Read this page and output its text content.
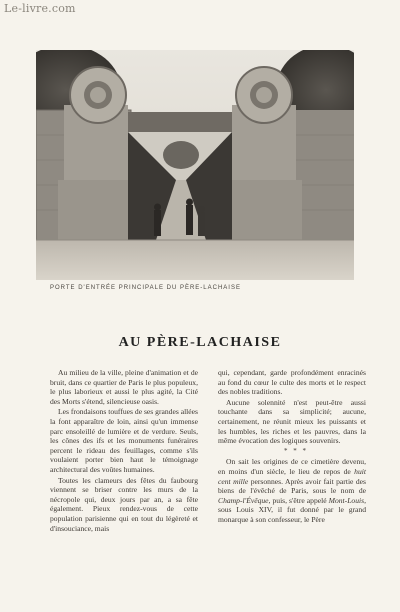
Le-livre.com
PORTE D'ENTRÉE PRINCIPALE DU PÈRE-LACHAISE
AU PÈRE-LACHAISE

Au milieu de la ville, pleine d'animation et de bruit, dans ce quartier de Paris le plus populeux, le plus laborieux et aussi le plus agité, la Cité des Morts s'étend, silencieuse oasis.

Les frondaisons touffues de ses grandes allées la font apparaître de loin, ainsi qu'un immense parc ensoleillé de lumière et de verdure. Seuls, les cônes des ifs et les monuments funéraires percent le rideau des feuillages, comme s'ils voulaient porter bien haut le témoignage architectural des voûtes humaines.

Toutes les clameurs des fêtes du faubourg viennent se briser contre les murs de la nécropole qui, deux jours par an, a sa fête également. Pieux rendez-vous de cette population parisienne qui en tout du légèreté et d'insouciance, mais

qui, cependant, garde profondément enracinés au fond du cœur le culte des morts et le respect des nobles traditions.

Aucune solennité n'est peut-être aussi touchante dans sa simplicité; aucune, certainement, ne réunit mieux les puissants et les humbles, les riches et les pauvres, dans la même évocation des logiques souvenirs.

* * *

On sait les origines de ce cimetière devenu, en moins d'un siècle, le lieu de repos de huit cent mille personnes. Après avoir fait partie des biens de l'évêché de Paris, sous le nom de Champ-l'Évêque, puis, s'être appelé Mont-Louis, sous Louis XIV, il fut donné par le grand monarque à son confesseur, le Père
